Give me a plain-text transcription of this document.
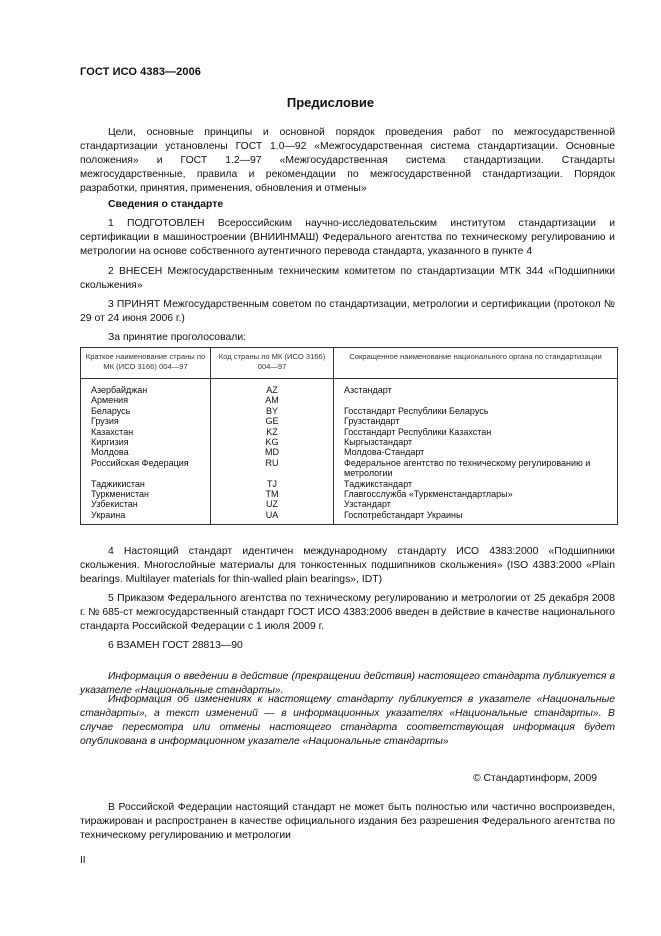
ГОСТ ИСО 4383—2006
Предисловие

Цели, основные принципы и основной порядок проведения работ по межгосударственной стандартизации установлены ГОСТ 1.0—92 «Межгосударственная система стандартизации. Основные положения» и ГОСТ 1.2—97 «Межгосударственная система стандартизации. Стандарты межгосударственные, правила и рекомендации по межгосударственной стандартизации. Порядок разработки, принятия, применения, обновления и отмены»

Сведения о стандарте

1 ПОДГОТОВЛЕН Всероссийским научно-исследовательским институтом стандартизации и сертификации в машиностроении (ВНИИНМАШ) Федерального агентства по техническому регулированию и метрологии на основе собственного аутентичного перевода стандарта, указанного в пункте 4

2 ВНЕСЕН Межгосударственным техническим комитетом по стандартизации МТК 344 «Подшипники скольжения»

3 ПРИНЯТ Межгосударственным советом по стандартизации, метрологии и сертификации (протокол № 29 от 24 июня 2006 г.)

За принятие проголосовали:

Краткое наименование страны по МК (ИСО 3166) 004—97	Код страны по МК (ИСО 3166) 004—97	Сокращенное наименование национального органа по стандартизации
Азербайджан	AZ	Азстандарт
Армения	AM	
Беларусь	BY	Госстандарт Республики Беларусь
Грузия	GE	Грузстандарт
Казахстан	KZ	Госстандарт Республики Казахстан
Киргизия	KG	Кыргызстандарт
Молдова	MD	Молдова-Стандарт
Российская Федерация	RU	Федеральное агентство по техническому регулированию и метрологии
Таджикистан	TJ	Таджикстандарт
Туркменистан	TM	Главгосслужба «Туркменстандартлары»
Узбекистан	UZ	Узстандарт
Украина	UA	Госпотребстандарт Украины

4 Настоящий стандарт идентичен международному стандарту ИСО 4383:2000 «Подшипники скольжения. Многослойные материалы для тонкостенных подшипников скольжения» (ISO 4383:2000 «Plain bearings. Multilayer materials for thin-walled plain bearings», IDT)

5 Приказом Федерального агентства по техническому регулированию и метрологии от 25 декабря 2008 г. № 685-ст межгосударственный стандарт ГОСТ ИСО 4383:2006 введен в действие в качестве национального стандарта Российской Федерации с 1 июля 2009 г.

6 ВЗАМЕН ГОСТ 28813—90

Информация о введении в действие (прекращении действия) настоящего стандарта публикуется в указателе «Национальные стандарты».

Информация об изменениях к настоящему стандарту публикуется в указателе «Национальные стандарты», а текст изменений — в информационных указателях «Национальные стандарты». В случае пересмотра или отмены настоящего стандарта соответствующая информация будет опубликована в информационном указателе «Национальные стандарты»

© Стандартинформ, 2009

В Российской Федерации настоящий стандарт не может быть полностью или частично воспроизведен, тиражирован и распространен в качестве официального издания без разрешения Федерального агентства по техническому регулированию и метрологии

II
